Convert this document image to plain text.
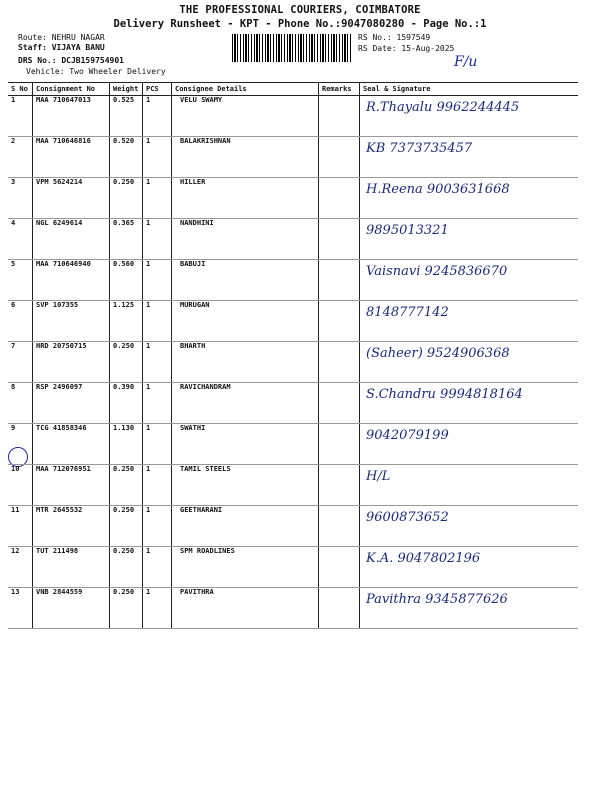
THE PROFESSIONAL COURIERS, COIMBATORE
Delivery Runsheet - KPT - Phone No.:9047080280 - Page No.:1
Route: NEHRU NAGAR
Staff: VIJAYA BANU
DRS No.: DCJB159754901
Vehicle: Two Wheeler Delivery
RS No.: 1597549
RS Date: 15-Aug-2025
F/u
S No	Consignment No	Weight	PCS	Consignee Details	Remarks	Seal & Signature
1	MAA 710647013	0.525	1	VELU SWAMY		R.Thayalu 9962244445

2	MAA 710646816	0.520	1	BALAKRISHNAN		KB 7373735457

3	VPM 5624214	0.250	1	HILLER		H.Reena 9003631668

4	NGL 6249614	0.365	1	NANDHINI		9895013321

5	MAA 710646940	0.560	1	BABUJI		Vaisnavi 9245836670

6	SVP 107355	1.125	1	MURUGAN		8148777142

7	HRD 20750715	0.250	1	BHARTH		(Saheer) 9524906368

8	RSP 2496097	0.390	1	RAVICHANDRAM		S.Chandru 9994818164

9	TCG 41858346	1.130	1	SWATHI		9042079199

10	MAA 712076951	0.250	1	TAMIL STEELS		H/L

11	MTR 2645532	0.250	1	GEETHARANI		9600873652

12	TUT 211498	0.250	1	SPM ROADLINES		K.A. 9047802196

13	VNB 2844559	0.250	1	PAVITHRA		Pavithra 9345877626
